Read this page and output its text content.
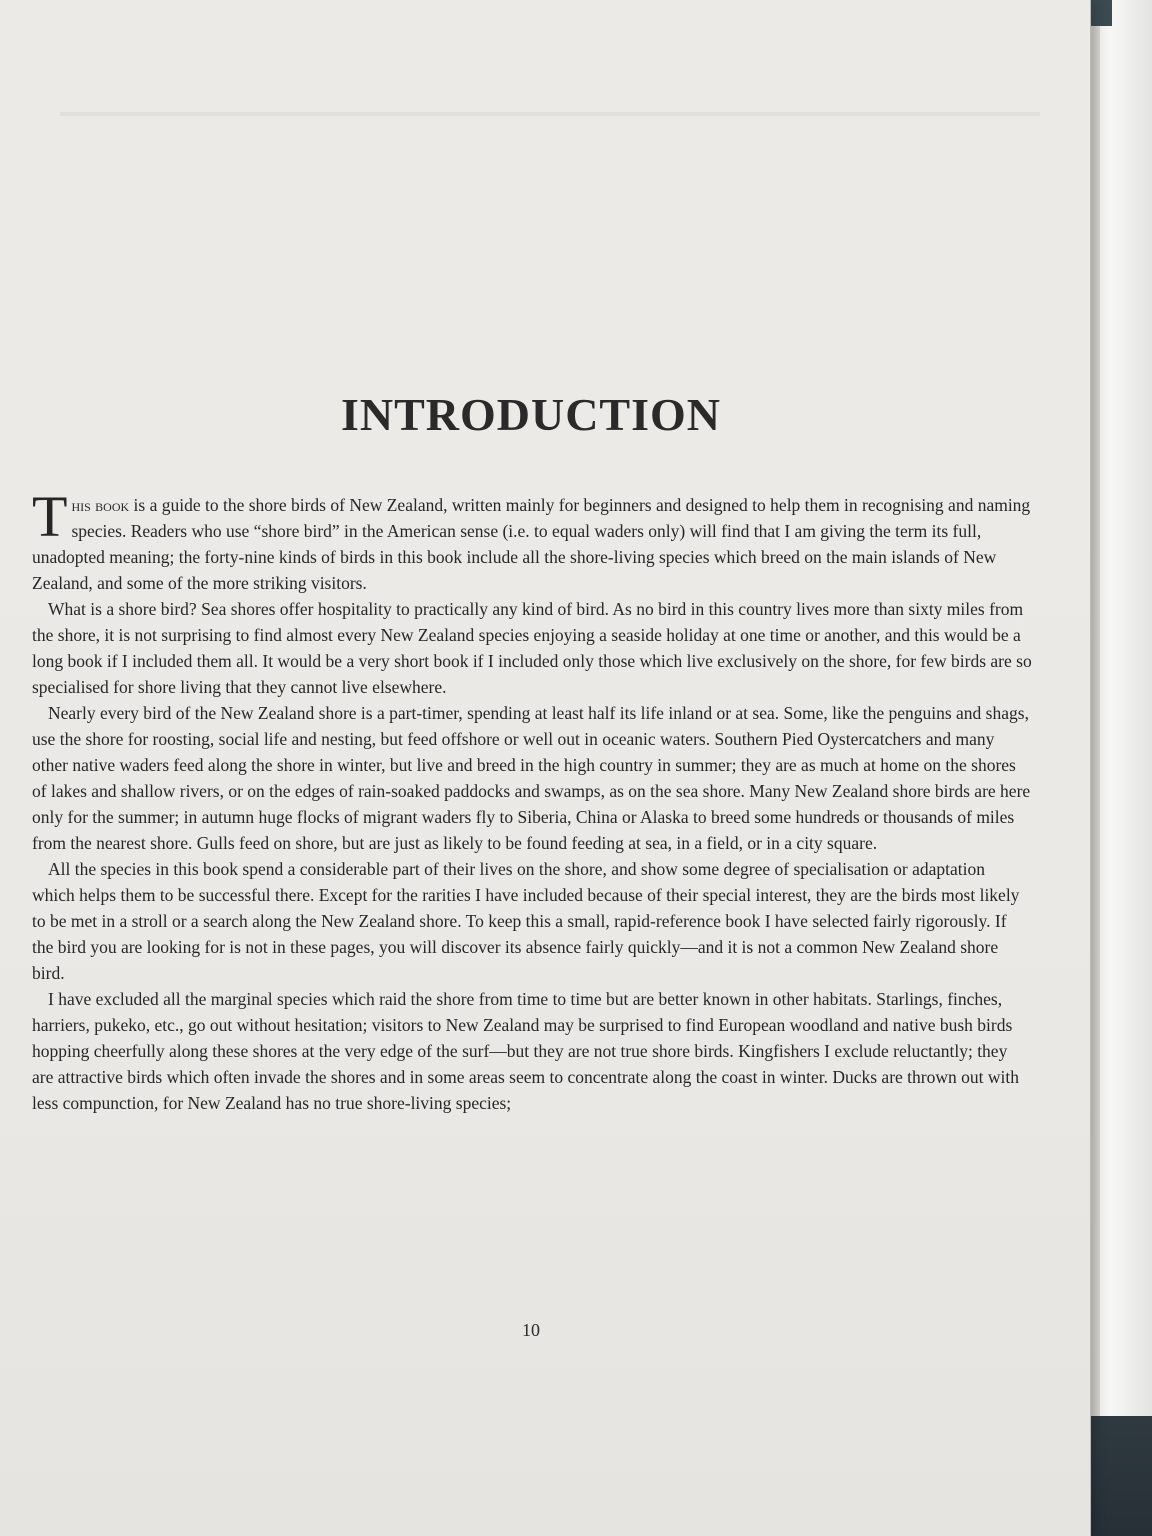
INTRODUCTION

This book is a guide to the shore birds of New Zealand, written mainly for beginners and designed to help them in recognising and naming species. Readers who use “shore bird” in the American sense (i.e. to equal waders only) will find that I am giving the term its full, unadopted meaning; the forty-nine kinds of birds in this book include all the shore-living species which breed on the main islands of New Zealand, and some of the more striking visitors.

What is a shore bird? Sea shores offer hospitality to practically any kind of bird. As no bird in this country lives more than sixty miles from the shore, it is not surprising to find almost every New Zealand species enjoying a seaside holiday at one time or another, and this would be a long book if I included them all. It would be a very short book if I included only those which live exclusively on the shore, for few birds are so specialised for shore living that they cannot live elsewhere.

Nearly every bird of the New Zealand shore is a part-timer, spending at least half its life inland or at sea. Some, like the penguins and shags, use the shore for roosting, social life and nesting, but feed offshore or well out in oceanic waters. Southern Pied Oystercatchers and many other native waders feed along the shore in winter, but live and breed in the high country in summer; they are as much at home on the shores of lakes and shallow rivers, or on the edges of rain-soaked paddocks and swamps, as on the sea shore. Many New Zealand shore birds are here only for the summer; in autumn huge flocks of migrant waders fly to Siberia, China or Alaska to breed some hundreds or thousands of miles from the nearest shore. Gulls feed on shore, but are just as likely to be found feeding at sea, in a field, or in a city square.

All the species in this book spend a considerable part of their lives on the shore, and show some degree of specialisation or adaptation which helps them to be successful there. Except for the rarities I have included because of their special interest, they are the birds most likely to be met in a stroll or a search along the New Zealand shore. To keep this a small, rapid-reference book I have selected fairly rigorously. If the bird you are looking for is not in these pages, you will discover its absence fairly quickly—and it is not a common New Zealand shore bird.

I have excluded all the marginal species which raid the shore from time to time but are better known in other habitats. Starlings, finches, harriers, pukeko, etc., go out without hesitation; visitors to New Zealand may be surprised to find European woodland and native bush birds hopping cheerfully along these shores at the very edge of the surf—but they are not true shore birds. Kingfishers I exclude reluctantly; they are attractive birds which often invade the shores and in some areas seem to concentrate along the coast in winter. Ducks are thrown out with less compunction, for New Zealand has no true shore-living species;

10
